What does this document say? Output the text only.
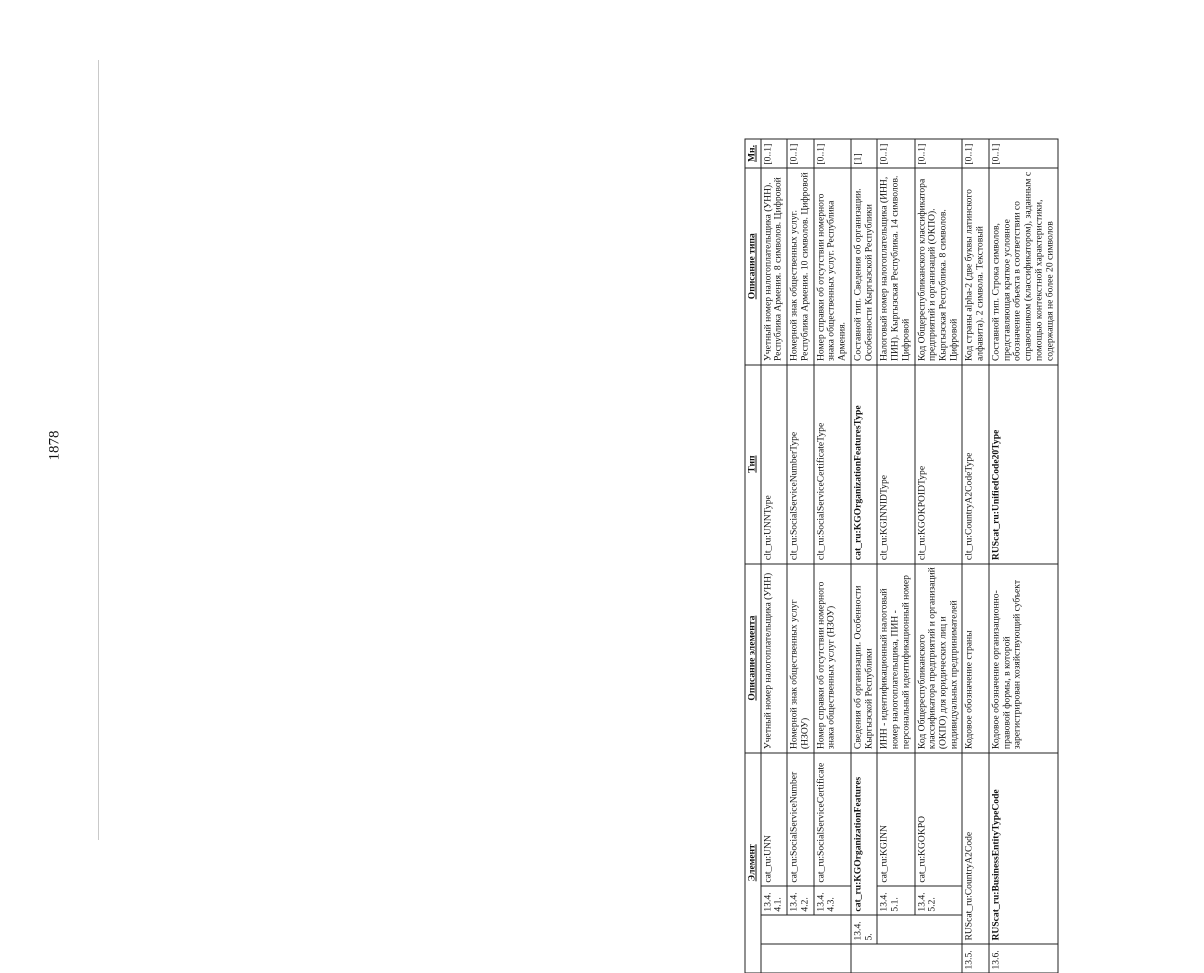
1878
Элемент				Описание элемента	Тип	Описание типа	Мн.
		13.4.4.1.	cat_ru:UNN	Учетный номер налогоплательщика (УНН)	clt_ru:UNNType	Учетный номер налогоплательщика (УНН). Республика Армения. 8 символов. Цифровой	[0..1]
		13.4.4.2.	cat_ru:SocialServiceNumber	Номерной знак общественных услуг (НЗОУ)	clt_ru:SocialServiceNumberType	Номерной знак общественных услуг. Республика Армения. 10 символов. Цифровой	[0..1]
		13.4.4.3.	cat_ru:SocialServiceCertificate	Номер справки об отсутствии номерного знака общественных услуг (НЗОУ)	clt_ru:SocialServiceCertificateType	Номер справки об отсутствии номерного знака общественных услуг. Республика Армения.	[0..1]
	13.4.5.	cat_ru:KGOrganizationFeatures		Сведения об организации. Особенности Кыргызской Республики	cat_ru:KGOrganizationFeaturesType	Составной тип. Сведения об организации. Особенности Кыргызской Республики	[1]
		13.4.5.1.	cat_ru:KGINN	ИНН - идентификационный налоговый номер налогоплательщика, ПИН - персональный идентификационный номер	clt_ru:KGINNIDType	Налоговый номер налогоплательщика (ИНН, ПИН). Кыргызская Республика. 14 символов. Цифровой	[0..1]
		13.4.5.2.	cat_ru:KGOKPO	Код Общереспубликанского классификатора предприятий и организаций (ОКПО) для юридических лиц и индивидуальных предпринимателей	clt_ru:KGOKPOIDType	Код Общереспубликанского классификатора предприятий и организаций (ОКПО). Кыргызская Республика. 8 символов. Цифровой	[0..1]
13.5.	RUScat_ru:CountryA2Code			Кодовое обозначение страны	clt_ru:CountryA2CodeType	Код страны alpha-2 (две буквы латинского алфавита). 2 символа. Текстовый	[0..1]
13.6.	RUScat_ru:BusinessEntityTypeCode			Кодовое обозначение организационно-правовой формы, в которой зарегистрирован хозяйствующий субъект	RUScat_ru:UnifiedCode20Type	Составной тип. Строка символов, представляющая краткое условное обозначение объекта в соответствии со справочником (классификатором), заданным с помощью контекстной характеристики, содержащая не более 20 символов	[0..1]
